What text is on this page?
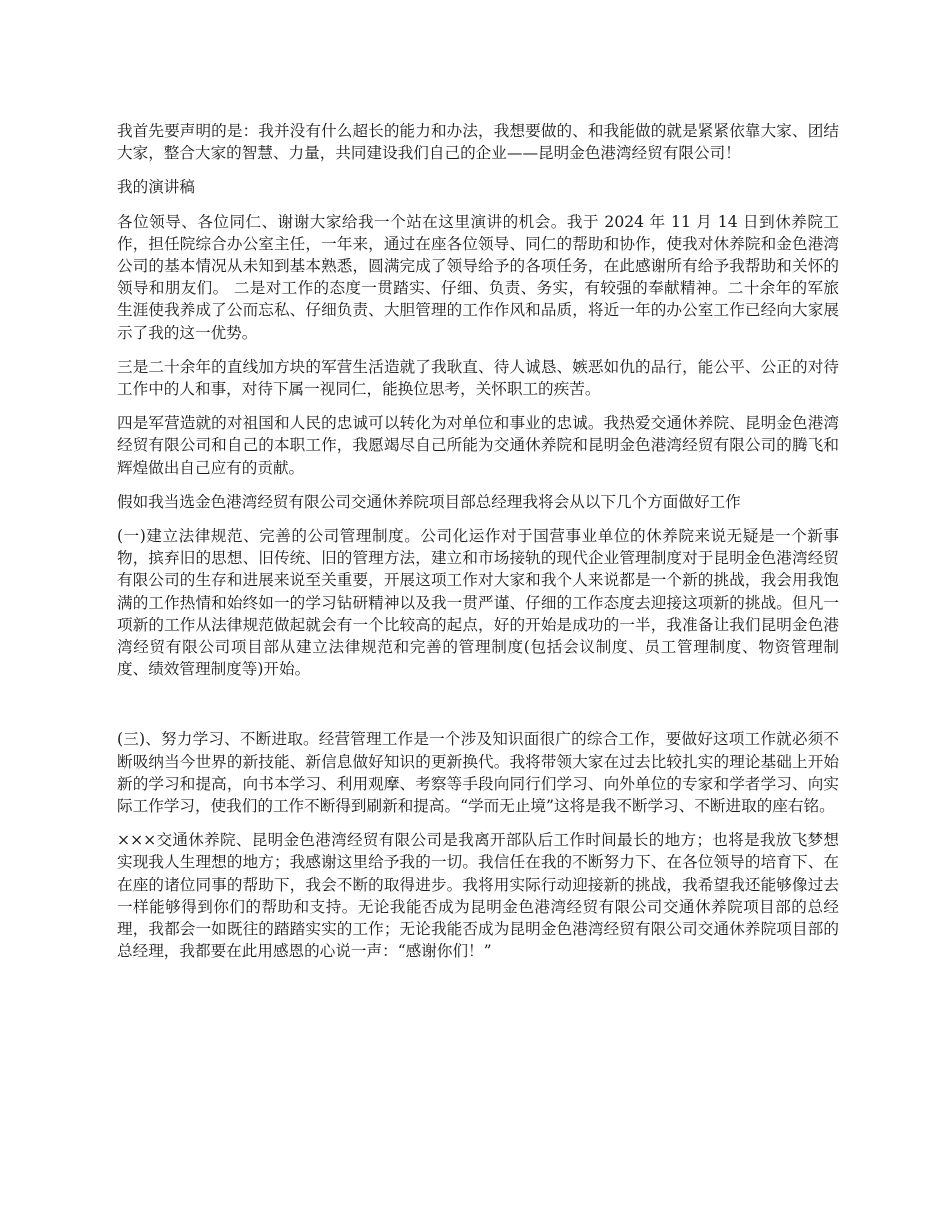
我首先要声明的是：我并没有什么超长的能力和办法，我想要做的、和我能做的就是紧紧依靠大家、团结大家，整合大家的智慧、力量，共同建设我们自己的企业——昆明金色港湾经贸有限公司！

我的演讲稿

各位领导、各位同仁、谢谢大家给我一个站在这里演讲的机会。我于 2024 年 11 月 14 日到休养院工作，担任院综合办公室主任，一年来，通过在座各位领导、同仁的帮助和协作，使我对休养院和金色港湾公司的基本情况从未知到基本熟悉，圆满完成了领导给予的各项任务，在此感谢所有给予我帮助和关怀的领导和朋友们。 二是对工作的态度一贯踏实、仔细、负责、务实，有较强的奉献精神。二十余年的军旅生涯使我养成了公而忘私、仔细负责、大胆管理的工作作风和品质，将近一年的办公室工作已经向大家展示了我的这一优势。

三是二十余年的直线加方块的军营生活造就了我耿直、待人诚恳、嫉恶如仇的品行，能公平、公正的对待工作中的人和事，对待下属一视同仁，能换位思考，关怀职工的疾苦。

四是军营造就的对祖国和人民的忠诚可以转化为对单位和事业的忠诚。我热爱交通休养院、昆明金色港湾经贸有限公司和自己的本职工作，我愿竭尽自己所能为交通休养院和昆明金色港湾经贸有限公司的腾飞和辉煌做出自己应有的贡献。

假如我当选金色港湾经贸有限公司交通休养院项目部总经理我将会从以下几个方面做好工作

(一)建立法律规范、完善的公司管理制度。公司化运作对于国营事业单位的休养院来说无疑是一个新事物，摈弃旧的思想、旧传统、旧的管理方法，建立和市场接轨的现代企业管理制度对于昆明金色港湾经贸有限公司的生存和进展来说至关重要，开展这项工作对大家和我个人来说都是一个新的挑战，我会用我饱满的工作热情和始终如一的学习钻研精神以及我一贯严谨、仔细的工作态度去迎接这项新的挑战。但凡一项新的工作从法律规范做起就会有一个比较高的起点，好的开始是成功的一半，我准备让我们昆明金色港湾经贸有限公司项目部从建立法律规范和完善的管理制度(包括会议制度、员工管理制度、物资管理制度、绩效管理制度等)开始。

(三)、努力学习、不断进取。经营管理工作是一个涉及知识面很广的综合工作，要做好这项工作就必须不断吸纳当今世界的新技能、新信息做好知识的更新换代。我将带领大家在过去比较扎实的理论基础上开始新的学习和提高，向书本学习、利用观摩、考察等手段向同行们学习、向外单位的专家和学者学习、向实际工作学习，使我们的工作不断得到刷新和提高。“学而无止境”这将是我不断学习、不断进取的座右铭。

×××交通休养院、昆明金色港湾经贸有限公司是我离开部队后工作时间最长的地方；也将是我放飞梦想实现我人生理想的地方；我感谢这里给予我的一切。我信任在我的不断努力下、在各位领导的培育下、在在座的诸位同事的帮助下，我会不断的取得进步。我将用实际行动迎接新的挑战，我希望我还能够像过去一样能够得到你们的帮助和支持。无论我能否成为昆明金色港湾经贸有限公司交通休养院项目部的总经理，我都会一如既往的踏踏实实的工作；无论我能否成为昆明金色港湾经贸有限公司交通休养院项目部的总经理，我都要在此用感恩的心说一声：“感谢你们！”
